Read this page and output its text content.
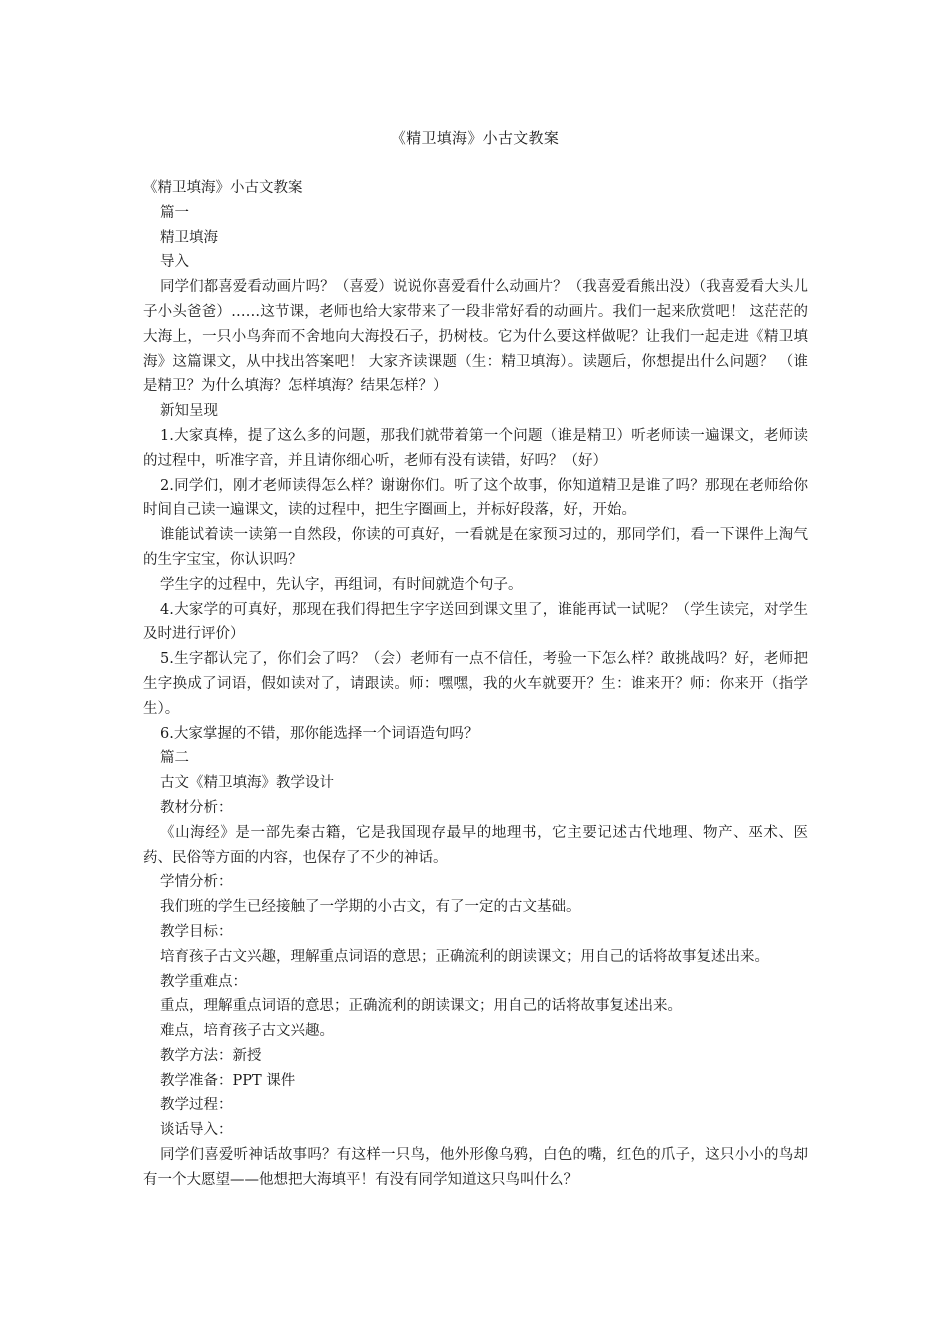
《精卫填海》小古文教案

《精卫填海》小古文教案

篇一

精卫填海

导入

同学们都喜爱看动画片吗？（喜爱）说说你喜爱看什么动画片？（我喜爱看熊出没）（我喜爱看大头儿子小头爸爸）……这节课，老师也给大家带来了一段非常好看的动画片。我们一起来欣赏吧！ 这茫茫的大海上，一只小鸟奔而不舍地向大海投石子，扔树枝。它为什么要这样做呢？让我们一起走进《精卫填海》这篇课文，从中找出答案吧！ 大家齐读课题（生：精卫填海）。读题后，你想提出什么问题？ （谁是精卫？为什么填海？怎样填海？结果怎样？）

新知呈现

1.大家真棒，提了这么多的问题，那我们就带着第一个问题（谁是精卫）听老师读一遍课文，老师读的过程中，听准字音，并且请你细心听，老师有没有读错，好吗？（好）

2.同学们，刚才老师读得怎么样？谢谢你们。听了这个故事，你知道精卫是谁了吗？那现在老师给你时间自己读一遍课文，读的过程中，把生字圈画上，并标好段落，好，开始。

谁能试着读一读第一自然段，你读的可真好，一看就是在家预习过的，那同学们，看一下课件上淘气的生字宝宝，你认识吗？

学生字的过程中，先认字，再组词，有时间就造个句子。

4.大家学的可真好，那现在我们得把生字字送回到课文里了，谁能再试一试呢？（学生读完，对学生及时进行评价）

5.生字都认完了，你们会了吗？（会）老师有一点不信任，考验一下怎么样？敢挑战吗？好，老师把生字换成了词语，假如读对了，请跟读。师：嘿嘿，我的火车就要开？生：谁来开？师：你来开（指学生）。

6.大家掌握的不错，那你能选择一个词语造句吗？

篇二

古文《精卫填海》教学设计

教材分析：

《山海经》是一部先秦古籍，它是我国现存最早的地理书，它主要记述古代地理、物产、巫术、医药、民俗等方面的内容，也保存了不少的神话。

学情分析：

我们班的学生已经接触了一学期的小古文，有了一定的古文基础。

教学目标：

培育孩子古文兴趣，理解重点词语的意思；正确流利的朗读课文；用自己的话将故事复述出来。

教学重难点：

重点，理解重点词语的意思；正确流利的朗读课文；用自己的话将故事复述出来。

难点，培育孩子古文兴趣。

教学方法：新授

教学准备：PPT 课件

教学过程：

谈话导入：

同学们喜爱听神话故事吗？有这样一只鸟，他外形像乌鸦，白色的嘴，红色的爪子，这只小小的鸟却有一个大愿望——他想把大海填平！有没有同学知道这只鸟叫什么？
